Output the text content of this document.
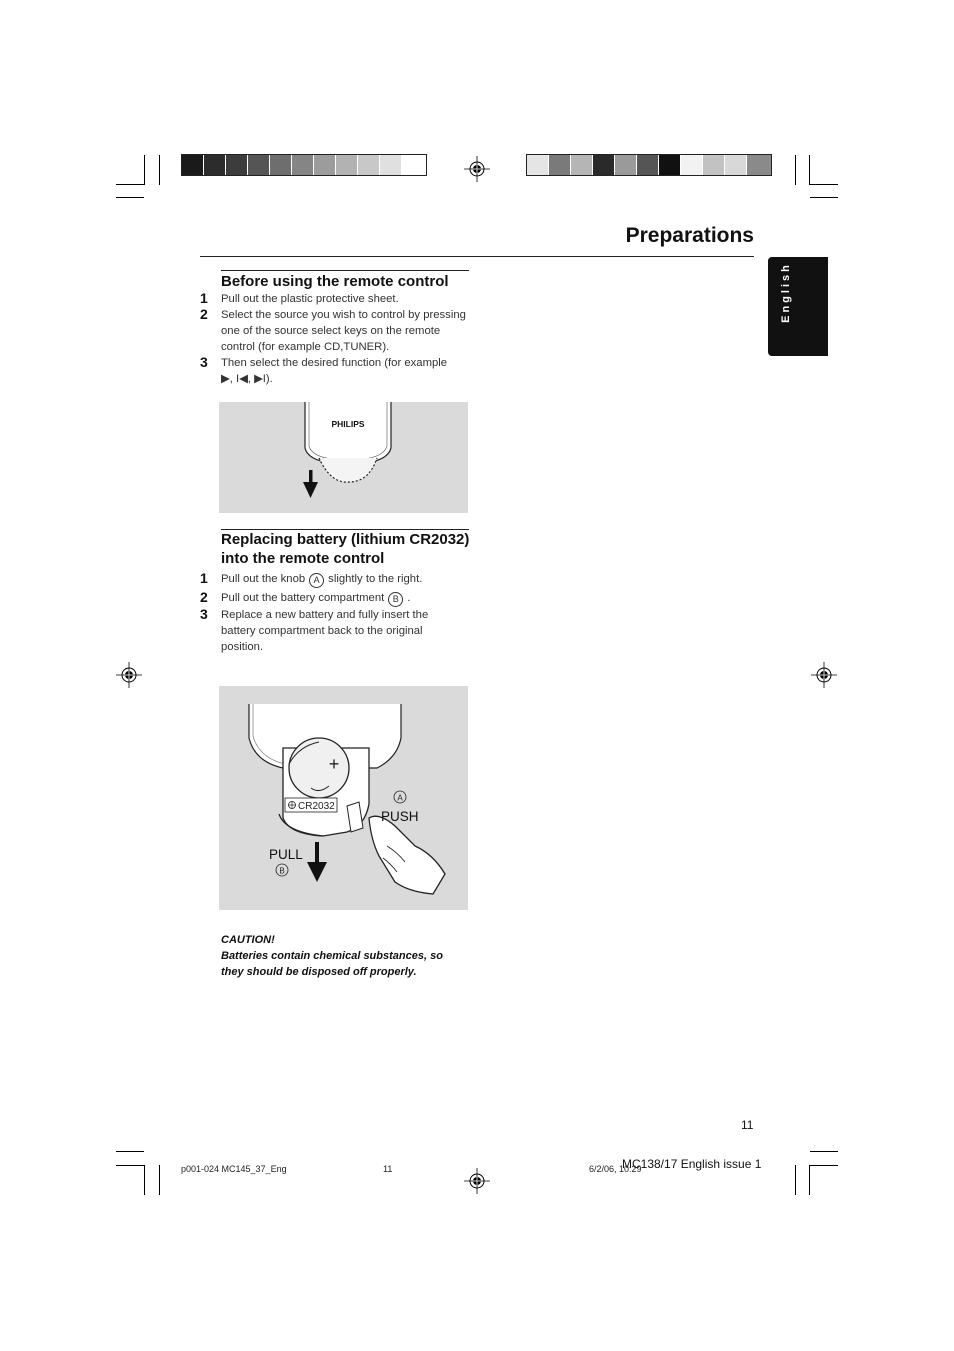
Preparations
English
Before using the remote control
1 Pull out the plastic protective sheet.
2 Select the source you wish to control by pressing one of the source select keys on the remote control (for example CD,TUNER).
3 Then select the desired function (for example ▶, I◀, ▶I).
PHILIPS
Replacing battery (lithium CR2032) into the remote control
1 Pull out the knob A slightly to the right.
2 Pull out the battery compartment B .
3 Replace a new battery and fully insert the battery compartment back to the original position.
+
CR2032
A
PUSH
PULL
B
CAUTION!
Batteries contain chemical substances, so they should be disposed off properly.
11
MC138/17 English issue 1
p001-024 MC145_37_Eng	11	6/2/06, 10:29
